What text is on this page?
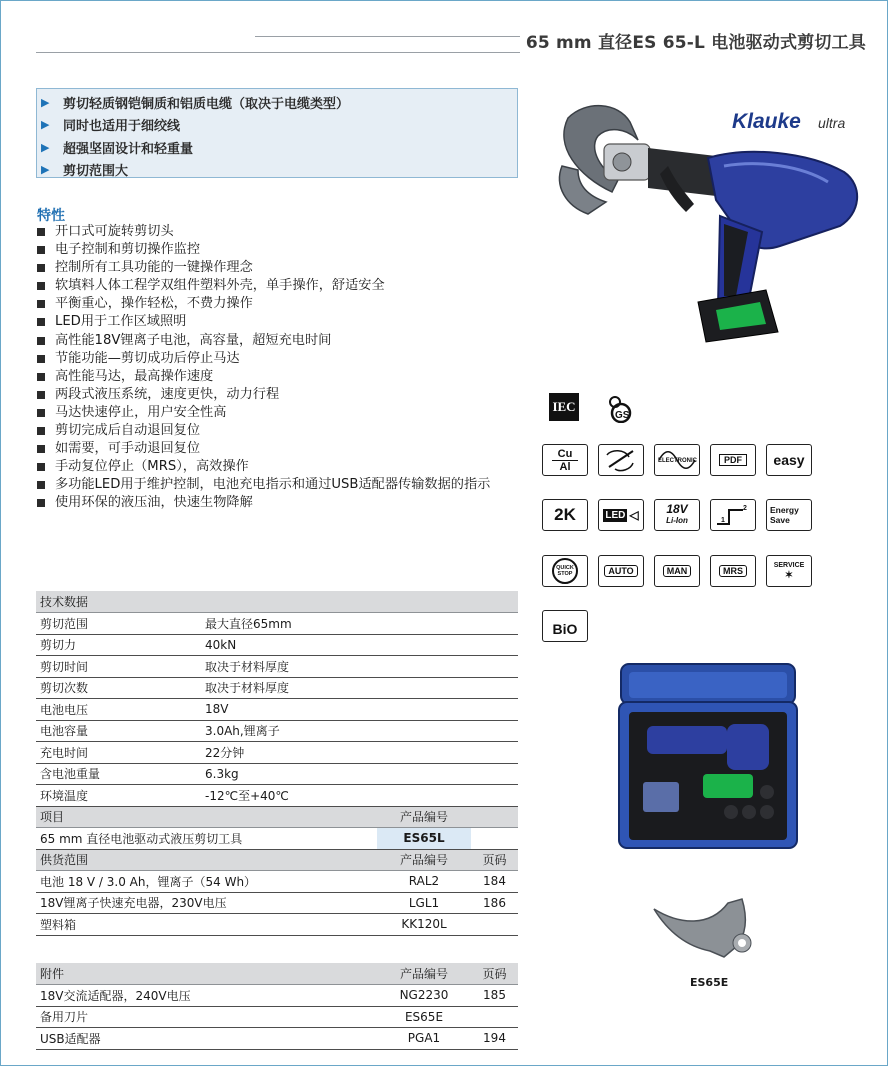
65 mm 直径ES 65-L 电池驱动式剪切工具
▶	剪切轻质钢铠铜质和铝质电缆（取决于电缆类型）
▶	同时也适用于细绞线
▶	超强坚固设计和轻重量
▶	剪切范围大
特性
开口式可旋转剪切头
电子控制和剪切操作监控
控制所有工具功能的一键操作理念
软填料人体工程学双组件塑料外壳，单手操作，舒适安全
平衡重心，操作轻松，不费力操作
LED用于工作区域照明
高性能18V锂离子电池，高容量，超短充电时间
节能功能—剪切成功后停止马达
高性能马达，最高操作速度
两段式液压系统，速度更快，动力行程
马达快速停止，用户安全性高
剪切完成后自动退回复位
如需要，可手动退回复位
手动复位停止（MRS），高效操作
多功能LED用于维护控制，电池充电指示和通过USB适配器传输数据的指示
使用环保的液压油，快速生物降解
技术数据			
剪切范围	最大直径65mm		
剪切力	40kN		
剪切时间	取决于材料厚度		
剪切次数	取决于材料厚度		
电池电压	18V		
电池容量	3.0Ah,锂离子		
充电时间	22分钟		
含电池重量	6.3kg		
环境温度	-12℃至+40℃		
项目		产品编号	
65 mm 直径电池驱动式液压剪切工具		ES65L	
供货范围		产品编号	页码
电池 18 V / 3.0 Ah，锂离子（54 Wh）		RAL2	184
18V锂离子快速充电器，230V电压		LGL1	186
塑料箱		KK120L	
附件	产品编号	页码
18V交流适配器，240V电压	NG2230	185
备用刀片	ES65E	
USB适配器	PGA1	194
Klauke ultra
IEC
GS
Cu
Al	ELECTRONIC	PDF	easy
2K	LED ◁ 18V
Li-Ion	1
2	Energy
Save
QUICK
STOP	AUTO	MAN	MRS
SERVICE
✶
BiO
ES65E
